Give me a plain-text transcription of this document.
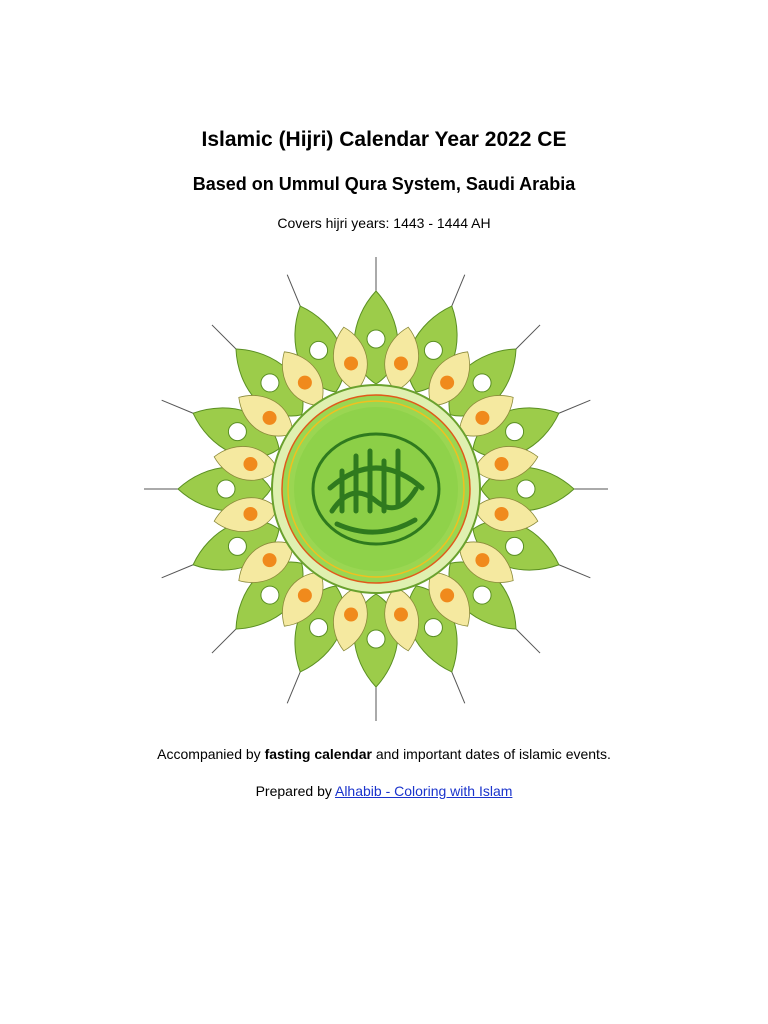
Islamic (Hijri) Calendar Year 2022 CE
Based on Ummul Qura System, Saudi Arabia

Covers hijri years: 1443 - 1444 AH

Accompanied by fasting calendar and important dates of islamic events.

Prepared by Alhabib - Coloring with Islam
